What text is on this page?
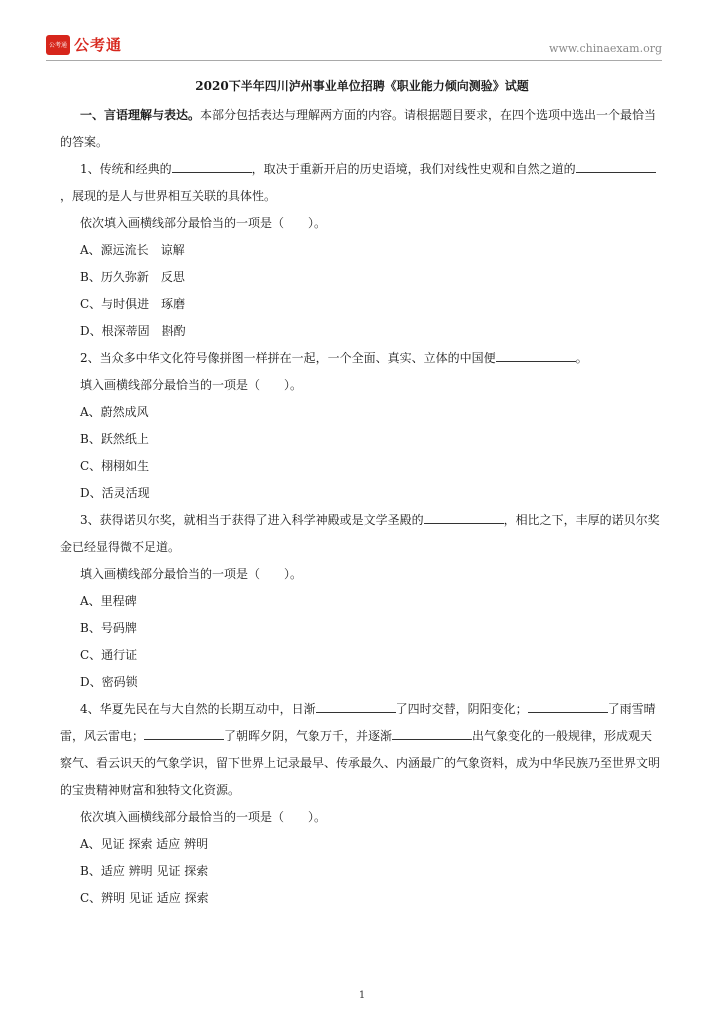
公考通 公考通	www.chinaexam.org
2020下半年四川泸州事业单位招聘《职业能力倾向测验》试题

一、言语理解与表达。本部分包括表达与理解两方面的内容。请根据题目要求，在四个选项中选出一个最恰当的答案。

1、传统和经典的	，取决于重新开启的历史语境，我们对线性史观和自然之道的，展现的是人与世界相互关联的具体性。

依次填入画横线部分最恰当的一项是（　　）。

A、源远流长　谅解

B、历久弥新　反思

C、与时俱进　琢磨

D、根深蒂固　斟酌

2、当众多中华文化符号像拼图一样拼在一起，一个全面、真实、立体的中国便	。

填入画横线部分最恰当的一项是（　　）。

A、蔚然成风

B、跃然纸上

C、栩栩如生

D、活灵活现

3、获得诺贝尔奖，就相当于获得了进入科学神殿或是文学圣殿的	，相比之下，丰厚的诺贝尔奖金已经显得微不足道。

填入画横线部分最恰当的一项是（　　）。

A、里程碑

B、号码牌

C、通行证

D、密码锁

4、华夏先民在与大自然的长期互动中，日渐	了四时交替，阴阳变化；	了雨雪晴雷，风云雷电；	了朝晖夕阴，气象万千，并逐渐	出气象变化的一般规律，形成观天察气、看云识天的气象学识，留下世界上记录最早、传承最久、内涵最广的气象资料，成为中华民族乃至世界文明的宝贵精神财富和独特文化资源。

依次填入画横线部分最恰当的一项是（　　）。

A、见证 探索 适应 辨明

B、适应 辨明 见证 探索

C、辨明 见证 适应 探索

1
